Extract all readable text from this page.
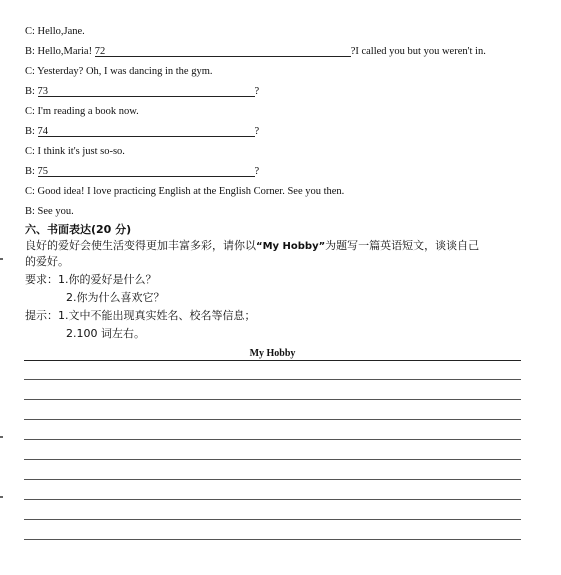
C: Hello,Jane.
B: Hello,Maria! 72	?I called you but you weren't in.
C: Yesterday? Oh, I was dancing in the gym.
B: 73	?
C: I'm reading a book now.
B: 74	?
C: I think it's just so-so.
B: 75	?
C: Good idea! I love practicing English at the English Corner. See you then.
B: See you.
六、书面表达(20 分)
良好的爱好会使生活变得更加丰富多彩，请你以“My Hobby”为题写一篇英语短文，谈谈自己
的爱好。
要求：1.你的爱好是什么？
2.你为什么喜欢它？
提示：1.文中不能出现真实姓名、校名等信息；
2.100 词左右。
My Hobby
